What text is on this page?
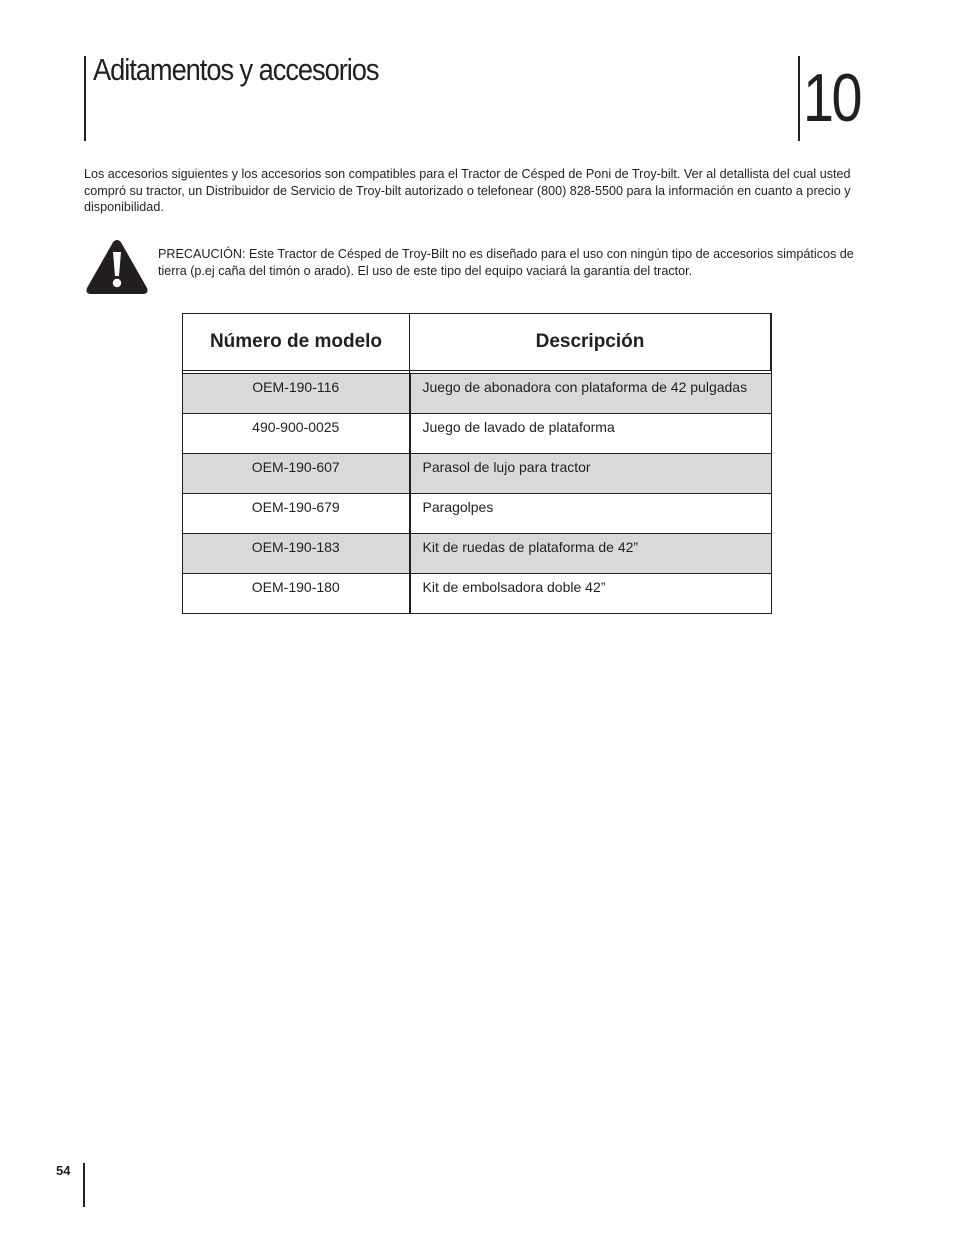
Aditamentos y accesorios	10

Los accesorios siguientes y los accesorios son compatibles para el Tractor de Césped de Poni de Troy-bilt. Ver al detallista del cual usted compró su tractor, un Distribuidor de Servicio de Troy-bilt autorizado o telefonear (800) 828-5500 para la información en cuanto a precio y disponibilidad.

PRECAUCIÓN: Este Tractor de Césped de Troy-Bilt no es diseñado para el uso con ningún tipo de accesorios simpáticos de tierra (p.ej caña del timón o arado). El uso de este tipo del equipo vaciará la garantía del tractor.

Número de modelo	Descripción

OEM-190-116	Juego de abonadora con plataforma de 42 pulgadas
490-900-0025	Juego de lavado de plataforma
OEM-190-607	Parasol de lujo para tractor
OEM-190-679	Paragolpes
OEM-190-183	Kit de ruedas de plataforma de 42”
OEM-190-180	Kit de embolsadora doble 42”
54
